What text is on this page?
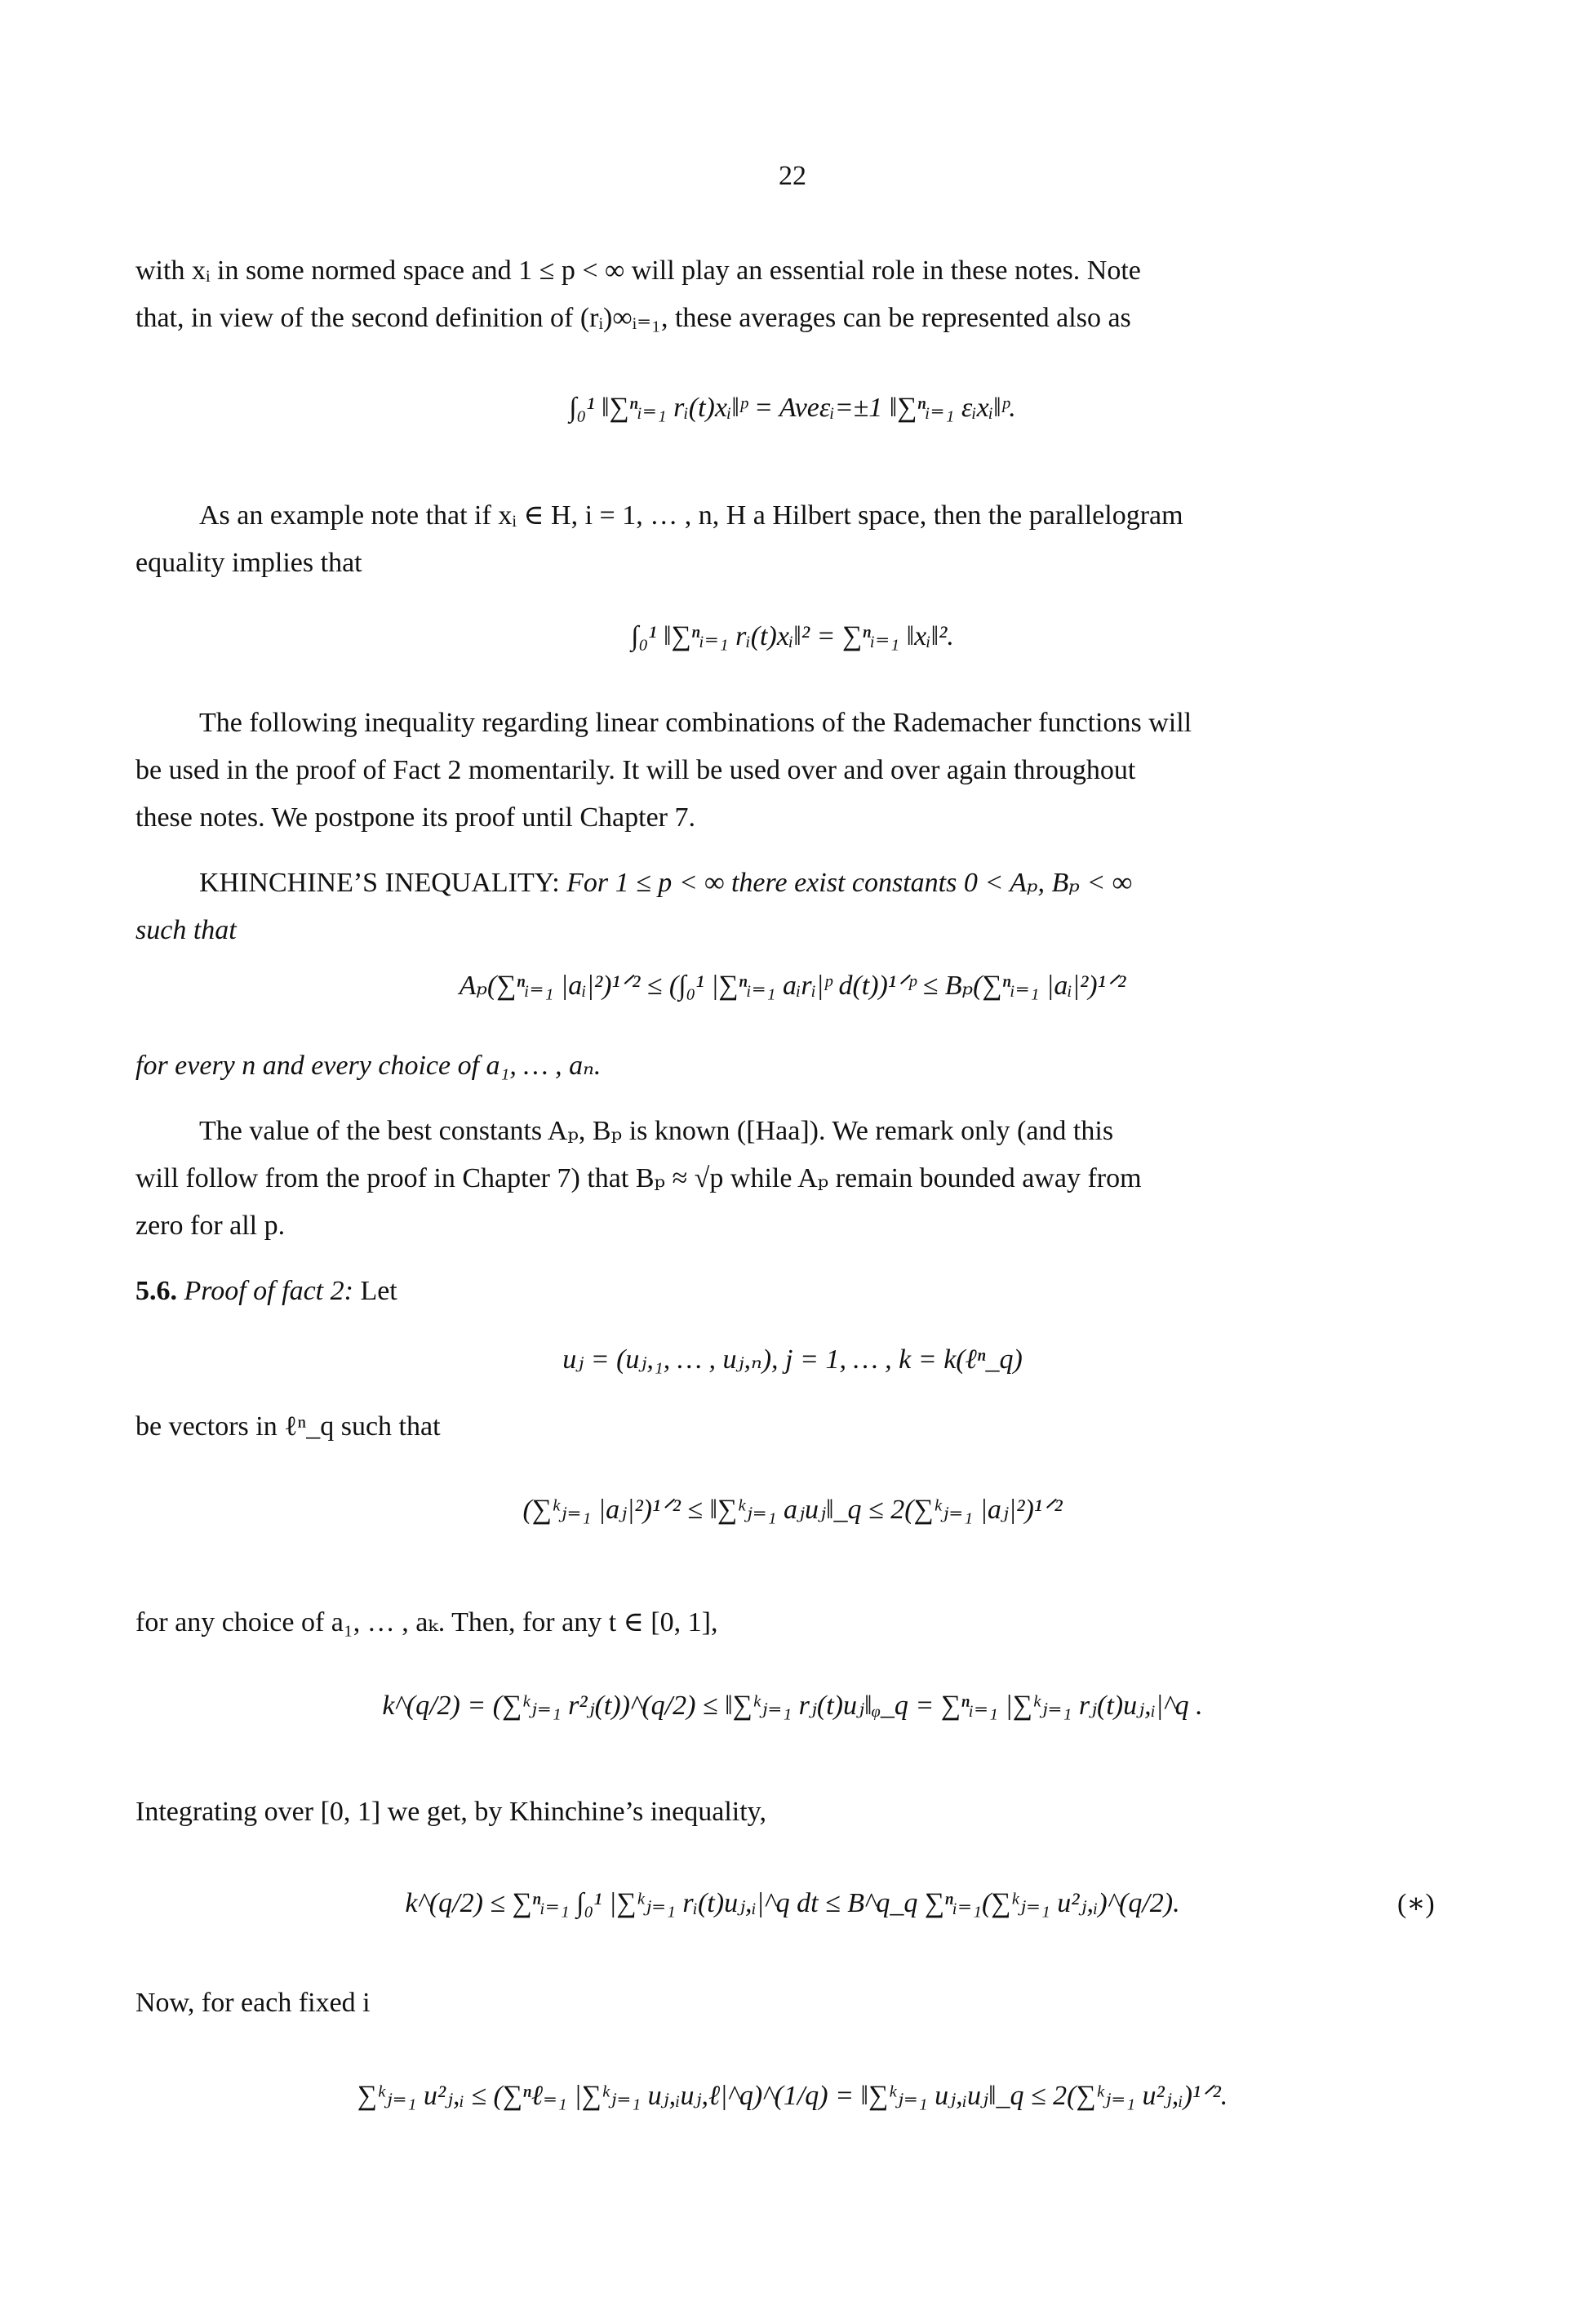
22
with xᵢ in some normed space and 1 ≤ p < ∞ will play an essential role in these notes. Note
that, in view of the second definition of (rᵢ)∞ᵢ₌₁, these averages can be represented also as
∫₀¹ ‖∑ⁿᵢ₌₁ rᵢ(t)xᵢ‖ᵖ = Aveεᵢ=±1 ‖∑ⁿᵢ₌₁ εᵢxᵢ‖ᵖ.
As an example note that if xᵢ ∈ H, i = 1, … , n, H a Hilbert space, then the parallelogram
equality implies that
∫₀¹ ‖∑ⁿᵢ₌₁ rᵢ(t)xᵢ‖² = ∑ⁿᵢ₌₁ ‖xᵢ‖².
The following inequality regarding linear combinations of the Rademacher functions will
be used in the proof of Fact 2 momentarily. It will be used over and over again throughout
these notes. We postpone its proof until Chapter 7.
KHINCHINE’S INEQUALITY: For 1 ≤ p < ∞ there exist constants 0 < Aₚ, Bₚ < ∞
such that
Aₚ(∑ⁿᵢ₌₁ |aᵢ|²)¹ᐟ² ≤ (∫₀¹ |∑ⁿᵢ₌₁ aᵢrᵢ|ᵖ d(t))¹ᐟᵖ ≤ Bₚ(∑ⁿᵢ₌₁ |aᵢ|²)¹ᐟ²
for every n and every choice of a₁, … , aₙ.
The value of the best constants Aₚ, Bₚ is known ([Haa]). We remark only (and this
will follow from the proof in Chapter 7) that Bₚ ≈ √p while Aₚ remain bounded away from
zero for all p.
5.6. Proof of fact 2: Let
uⱼ = (uⱼ,₁, … , uⱼ,ₙ), j = 1, … , k = k(ℓⁿ_q)
be vectors in ℓⁿ_q such that
(∑ᵏⱼ₌₁ |aⱼ|²)¹ᐟ² ≤ ‖∑ᵏⱼ₌₁ aⱼuⱼ‖_q ≤ 2(∑ᵏⱼ₌₁ |aⱼ|²)¹ᐟ²
for any choice of a₁, … , aₖ. Then, for any t ∈ [0, 1],
k^(q/2) = (∑ᵏⱼ₌₁ r²ⱼ(t))^(q/2) ≤ ‖∑ᵏⱼ₌₁ rⱼ(t)uⱼ‖ᵩ_q = ∑ⁿᵢ₌₁ |∑ᵏⱼ₌₁ rⱼ(t)uⱼ,ᵢ|^q .
Integrating over [0, 1] we get, by Khinchine’s inequality,
k^(q/2) ≤ ∑ⁿᵢ₌₁ ∫₀¹ |∑ᵏⱼ₌₁ rᵢ(t)uⱼ,ᵢ|^q dt ≤ B^q_q ∑ⁿᵢ₌₁(∑ᵏⱼ₌₁ u²ⱼ,ᵢ)^(q/2).	(∗)
Now, for each fixed i
∑ᵏⱼ₌₁ u²ⱼ,ᵢ ≤ (∑ⁿℓ₌₁ |∑ᵏⱼ₌₁ uⱼ,ᵢuⱼ,ℓ|^q)^(1/q) = ‖∑ᵏⱼ₌₁ uⱼ,ᵢuⱼ‖_q ≤ 2(∑ᵏⱼ₌₁ u²ⱼ,ᵢ)¹ᐟ².
